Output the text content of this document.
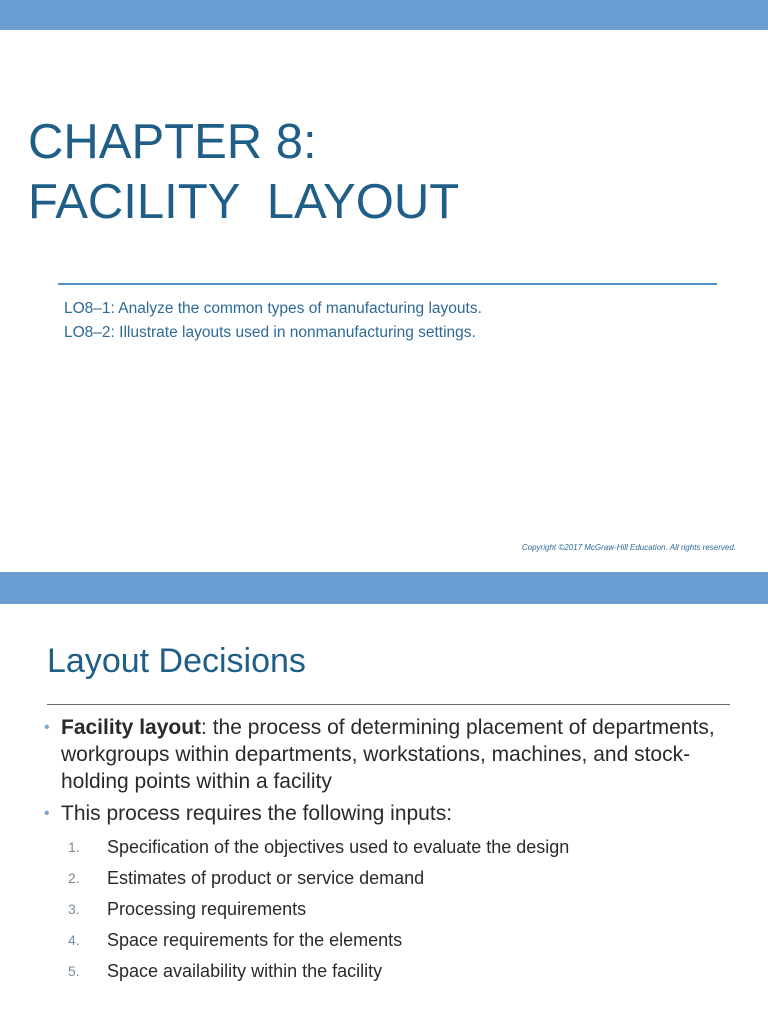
CHAPTER 8:
FACILITY  LAYOUT
LO8–1: Analyze the common types of manufacturing layouts.
LO8–2: Illustrate layouts used in nonmanufacturing settings.
Copyright ©2017 McGraw-Hill Education. All rights reserved.
Layout Decisions
• Facility layout: the process of determining placement of departments, workgroups within departments, workstations, machines, and stock-holding points within a facility
• This process requires the following inputs:
1. Specification of the objectives used to evaluate the design
2. Estimates of product or service demand
3. Processing requirements
4. Space requirements for the elements
5. Space availability within the facility
